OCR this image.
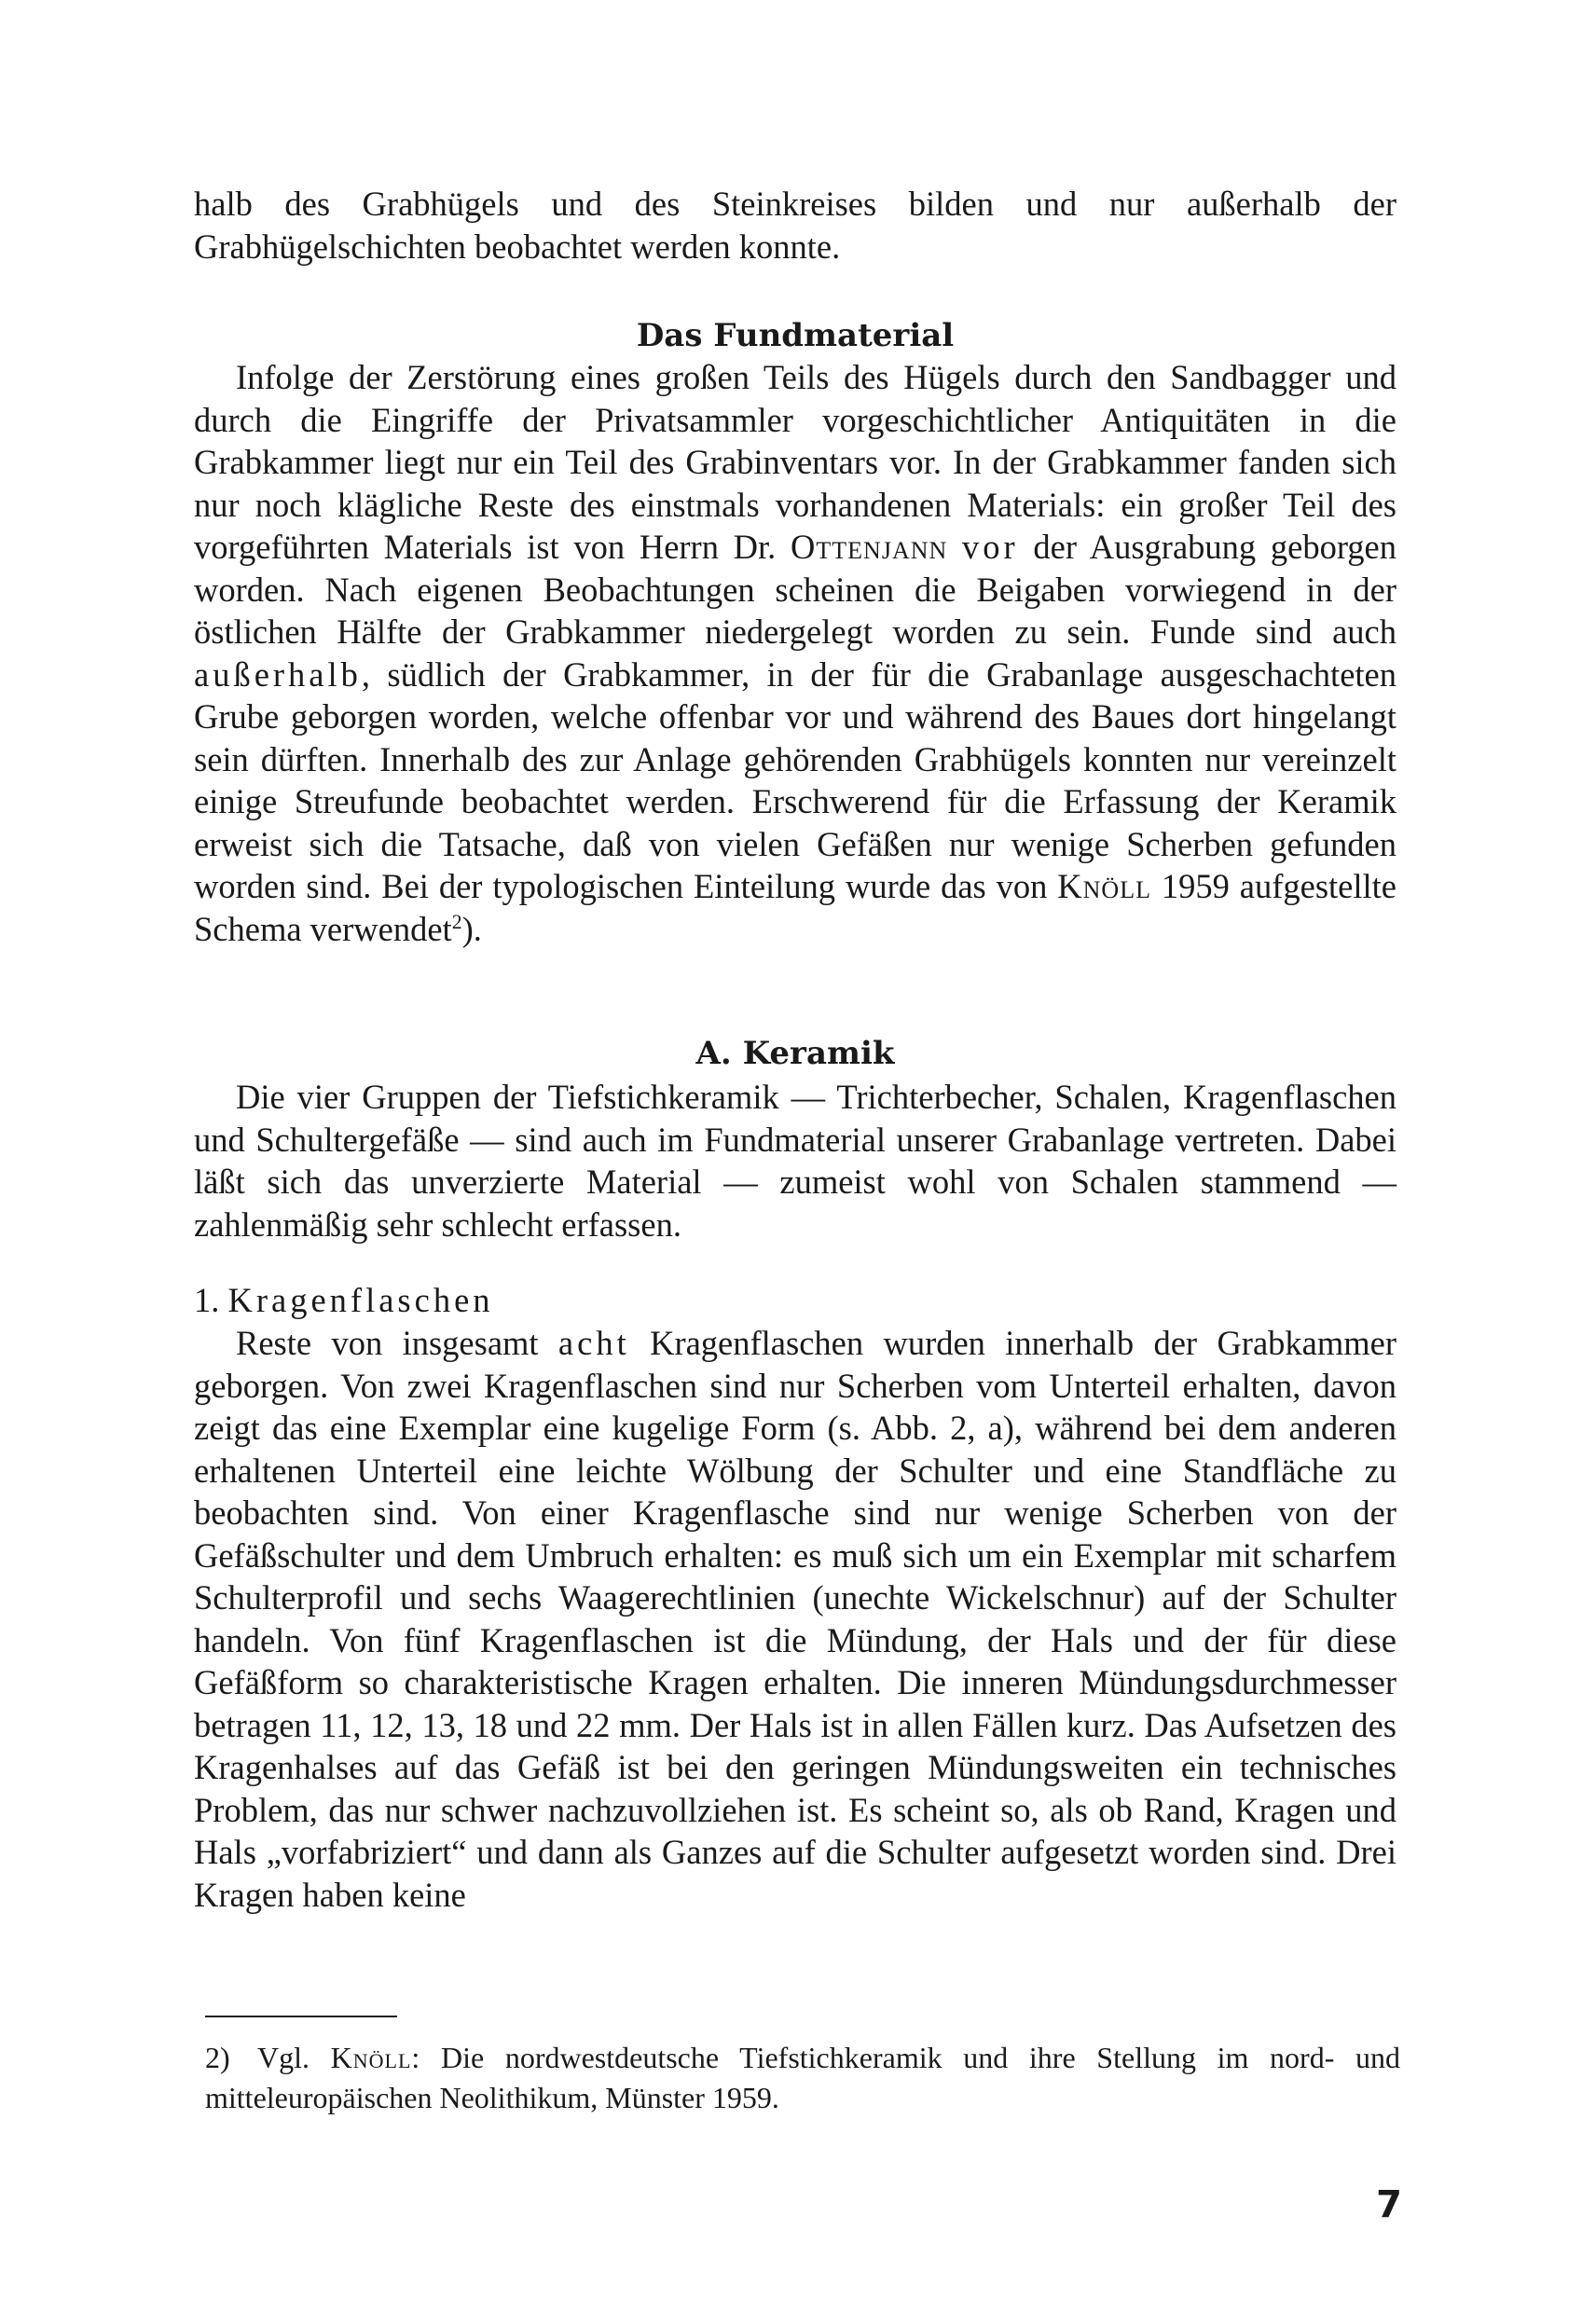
halb des Grabhügels und des Steinkreises bilden und nur außerhalb der Grabhügelschichten beobachtet werden konnte.

Das Fundmaterial

Infolge der Zerstörung eines großen Teils des Hügels durch den Sandbagger und durch die Eingriffe der Privatsammler vorgeschichtlicher Antiquitäten in die Grabkammer liegt nur ein Teil des Grabinventars vor. In der Grabkammer fanden sich nur noch klägliche Reste des einstmals vorhandenen Materials: ein großer Teil des vorgeführten Materials ist von Herrn Dr. Ottenjann vor der Ausgrabung geborgen worden. Nach eigenen Beobachtungen scheinen die Beigaben vorwiegend in der östlichen Hälfte der Grabkammer niedergelegt worden zu sein. Funde sind auch außerhalb, südlich der Grabkammer, in der für die Grabanlage ausgeschachteten Grube geborgen worden, welche offenbar vor und während des Baues dort hingelangt sein dürften. Innerhalb des zur Anlage gehörenden Grabhügels konnten nur vereinzelt einige Streufunde beobachtet werden. Erschwerend für die Erfassung der Keramik erweist sich die Tatsache, daß von vielen Gefäßen nur wenige Scherben gefunden worden sind. Bei der typologischen Einteilung wurde das von Knöll 1959 aufgestellte Schema verwendet$^2$).

A. Keramik

Die vier Gruppen der Tiefstichkeramik — Trichterbecher, Schalen, Kragenflaschen und Schultergefäße — sind auch im Fundmaterial unserer Grabanlage vertreten. Dabei läßt sich das unverzierte Material — zumeist wohl von Schalen stammend — zahlenmäßig sehr schlecht erfassen.

1. Kragenflaschen

Reste von insgesamt acht Kragenflaschen wurden innerhalb der Grabkammer geborgen. Von zwei Kragenflaschen sind nur Scherben vom Unterteil erhalten, davon zeigt das eine Exemplar eine kugelige Form (s. Abb. 2, a), während bei dem anderen erhaltenen Unterteil eine leichte Wölbung der Schulter und eine Standfläche zu beobachten sind. Von einer Kragenflasche sind nur wenige Scherben von der Gefäßschulter und dem Umbruch erhalten: es muß sich um ein Exemplar mit scharfem Schulterprofil und sechs Waagerechtlinien (unechte Wickelschnur) auf der Schulter handeln. Von fünf Kragenflaschen ist die Mündung, der Hals und der für diese Gefäßform so charakteristische Kragen erhalten. Die inneren Mündungsdurchmesser betragen 11, 12, 13, 18 und 22 mm. Der Hals ist in allen Fällen kurz. Das Aufsetzen des Kragenhalses auf das Gefäß ist bei den geringen Mündungsweiten ein technisches Problem, das nur schwer nachzuvollziehen ist. Es scheint so, als ob Rand, Kragen und Hals „vorfabriziert“ und dann als Ganzes auf die Schulter aufgesetzt worden sind. Drei Kragen haben keine

2) Vgl. Knöll: Die nordwestdeutsche Tiefstichkeramik und ihre Stellung im nord- und mitteleuropäischen Neolithikum, Münster 1959.
7
